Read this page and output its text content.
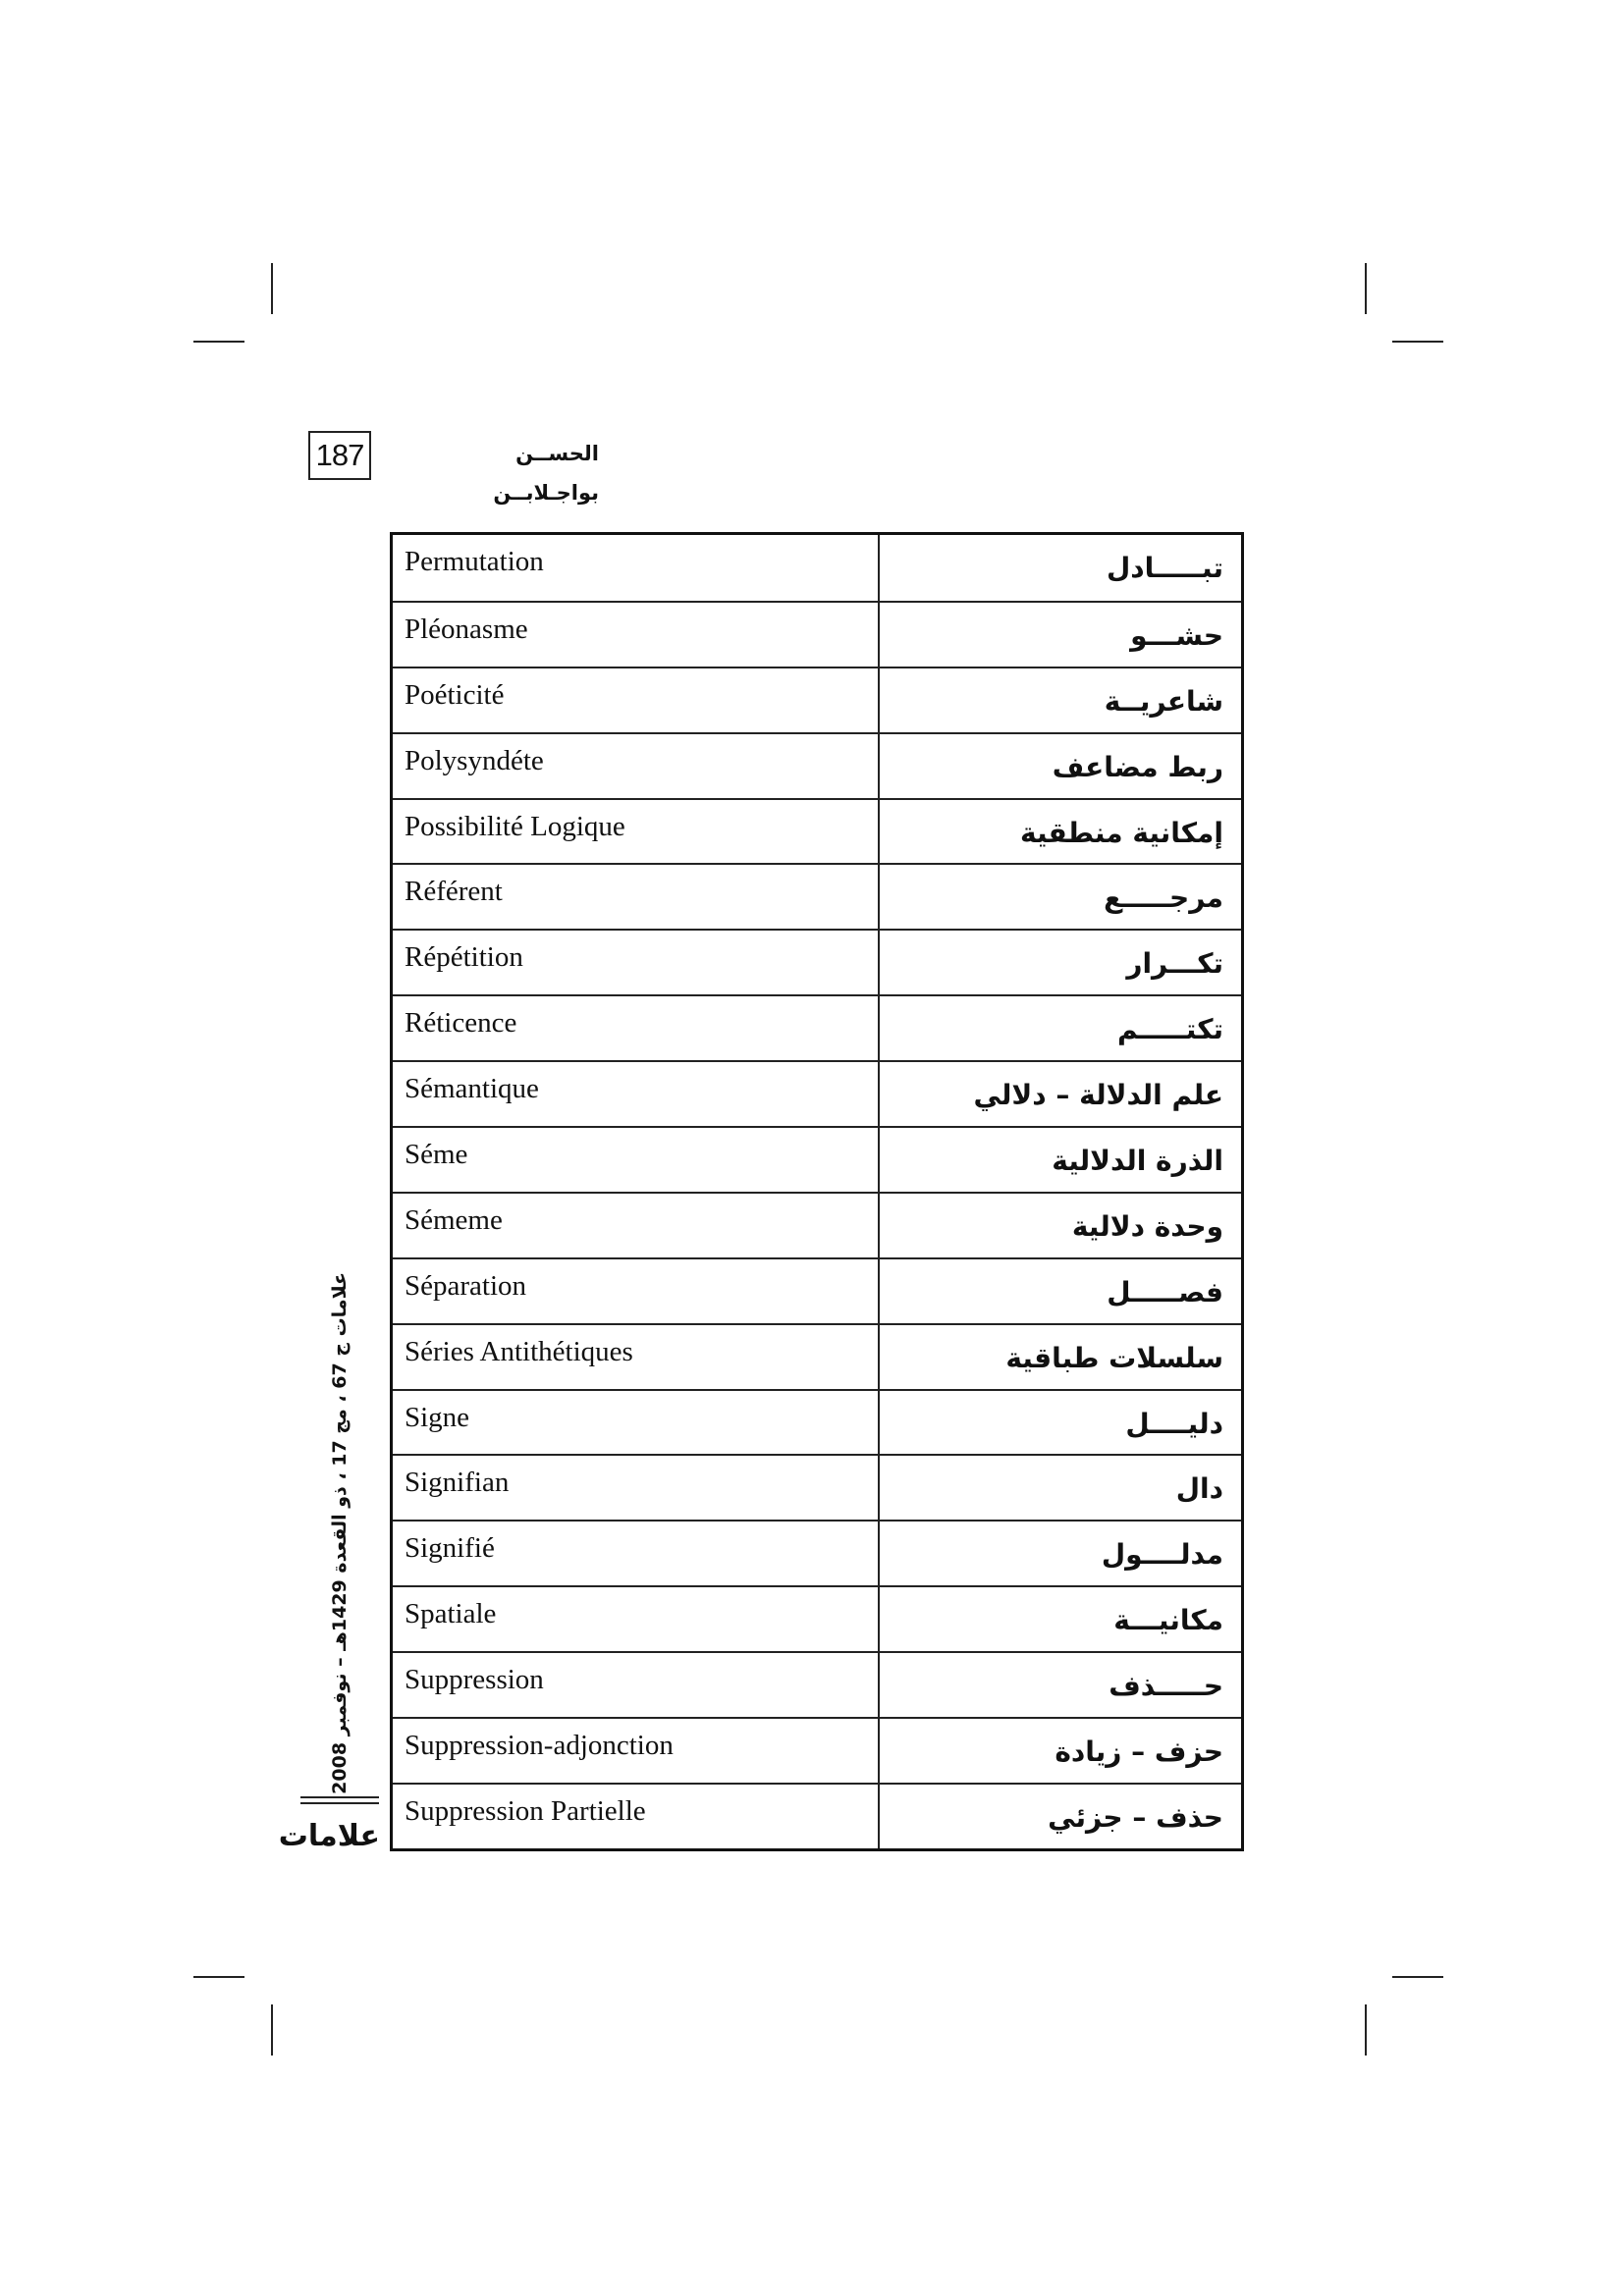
187	الحســن بواجـلابــن
Permutation	تبـــــادل
Pléonasme	حشـــو
Poéticité	شاعريــة
Polysyndéte	ربط مضاعف
Possibilité Logique	إمكانية منطقية
Référent	مرجـــــع
Répétition	تكـــرار
Réticence	تكتـــــم
Sémantique	علم الدلالة – دلالي
Séme	الذرة الدلالية
Sémeme	وحدة دلالية
Séparation	فصـــــل
Séries Antithétiques	سلسلات طباقية
Signe	دليــــل
Signifian	دال
Signifié	مدلــــول
Spatiale	مكانيـــة
Suppression	حـــــذف
Suppression-adjonction	حزف – زيادة
Suppression Partielle	حذف – جزئي
علامات ج 67 ، مج 17 ، ذو القعدة 1429هـ – نوفمبر 2008
علامات
